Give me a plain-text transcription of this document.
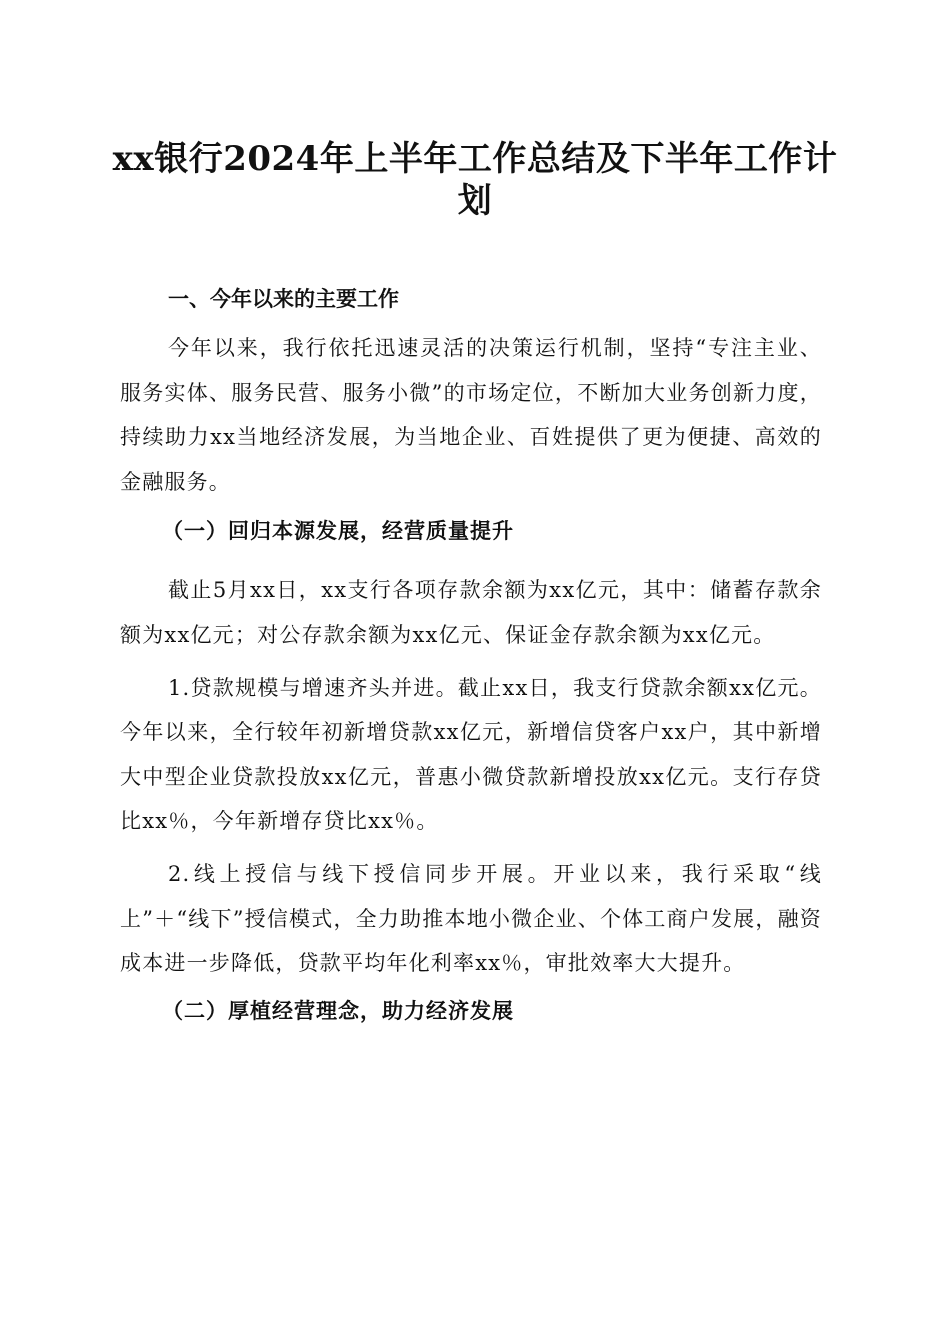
xx银行2024年上半年工作总结及下半年工作计划
一、今年以来的主要工作

今年以来，我行依托迅速灵活的决策运行机制，坚持“专注主业、服务实体、服务民营、服务小微”的市场定位，不断加大业务创新力度，持续助力xx当地经济发展，为当地企业、百姓提供了更为便捷、高效的金融服务。

（一）回归本源发展，经营质量提升

截止5月xx日，xx支行各项存款余额为xx亿元，其中：储蓄存款余额为xx亿元；对公存款余额为xx亿元、保证金存款余额为xx亿元。

1.贷款规模与增速齐头并进。截止xx日，我支行贷款余额xx亿元。今年以来，全行较年初新增贷款xx亿元，新增信贷客户xx户，其中新增大中型企业贷款投放xx亿元，普惠小微贷款新增投放xx亿元。支行存贷比xx％，今年新增存贷比xx％。

2.线上授信与线下授信同步开展。开业以来，我行采取“线上”＋“线下”授信模式，全力助推本地小微企业、个体工商户发展，融资成本进一步降低，贷款平均年化利率xx％，审批效率大大提升。

（二）厚植经营理念，助力经济发展
